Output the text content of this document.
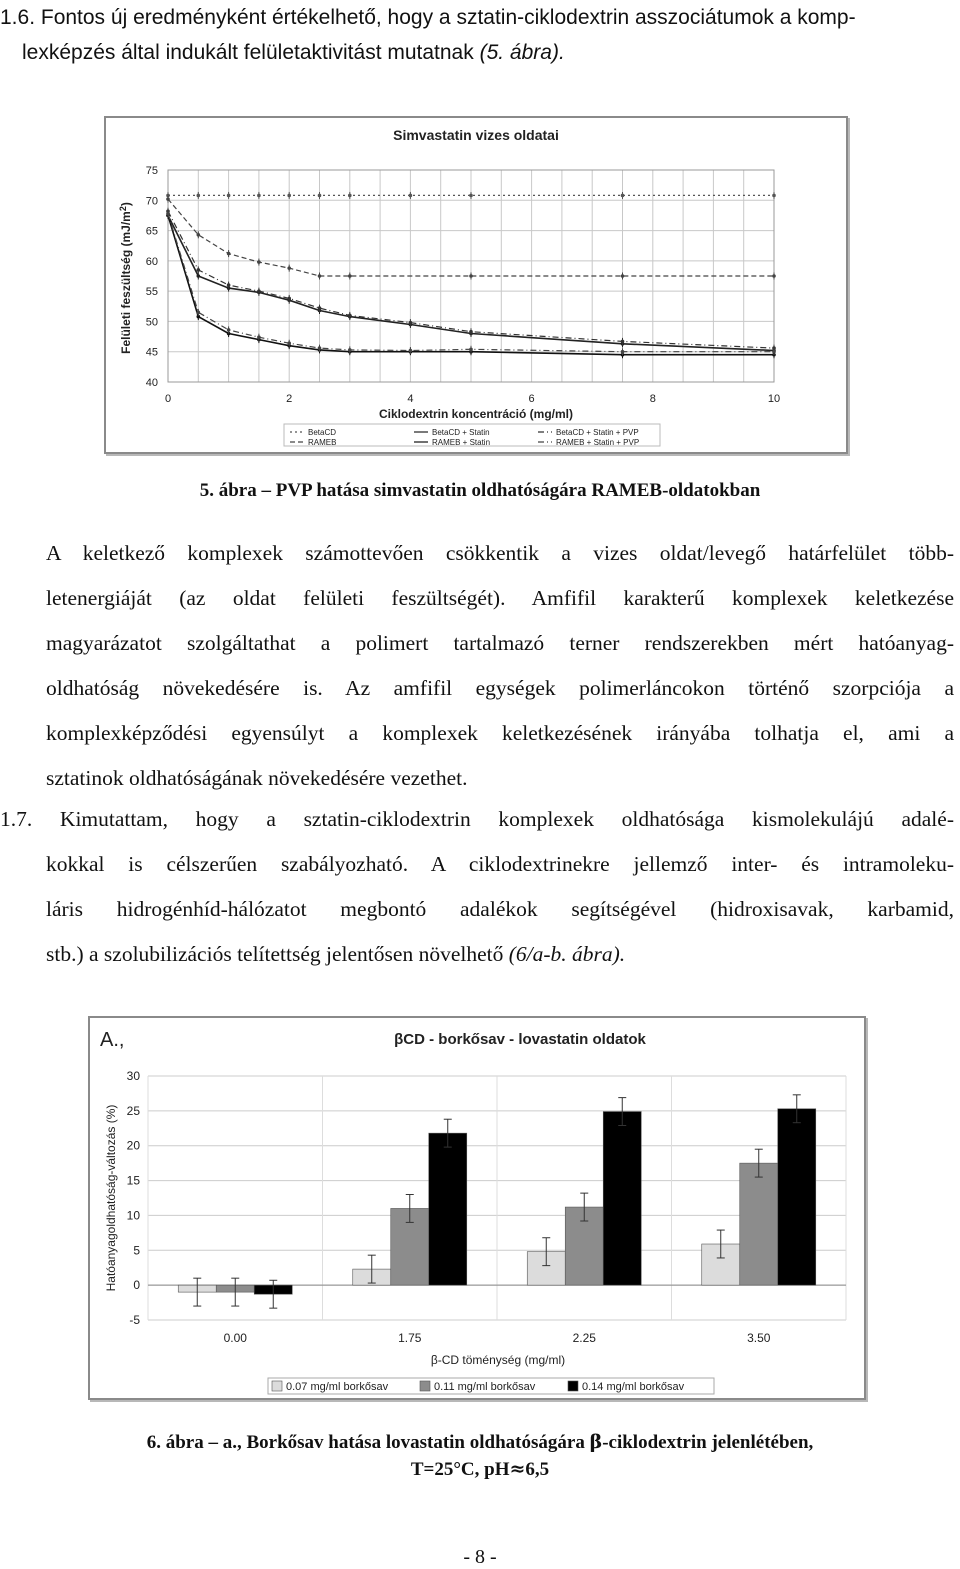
1.6. Fontos új eredményként értékelhető, hogy a sztatin-ciklodextrin asszociátumok a komp-
lexképzés által indukált felületaktivitást mutatnak (5. ábra).
Simvastatin vizes oldatai
40
45
50
55
60
65
70
75
0	2	4	6	8	10
Ciklodextrin koncentráció (mg/ml)
Felületi feszültség $(mJ/m^2)$
BetaCD	BetaCD + Statin	BetaCD + Statin + PVP
RAMEB	RAMEB + Statin	RAMEB + Statin + PVP
5. ábra – PVP hatása simvastatin oldhatóságára RAMEB-oldatokban
A keletkező komplexek számottevően csökkentik a vizes oldat/levegő határfelület több-
letenergiáját (az oldat felületi feszültségét). Amfifil karakterű komplexek keletkezése
magyarázatot szolgáltathat a polimert tartalmazó terner rendszerekben mért hatóanyag-
oldhatóság növekedésére is. Az amfifil egységek polimerláncokon történő szorpciója a
komplexképződési egyensúlyt a komplexek keletkezésének irányába tolhatja el, ami a
sztatinok oldhatóságának növekedésére vezethet.
1.7. Kimutattam, hogy a sztatin-ciklodextrin komplexek oldhatósága kismolekulájú adalé-
kokkal is célszerűen szabályozható. A ciklodextrinekre jellemző inter- és intramoleku-
láris hidrogénhíd-hálózatot megbontó adalékok segítségével (hidroxisavak, karbamid,
stb.) a szolubilizációs telítettség jelentősen növelhető (6/a-b. ábra).
A.,	βCD - borkősav - lovastatin oldatok
-5
0
5
10
15
20
25
30
0.00	1.75	2.25	3.50
β-CD töménység (mg/ml)
Hatóanyagoldhatóság-változás (%)
0.07 mg/ml borkősav	0.11 mg/ml borkősav	0.14 mg/ml borkősav
6. ábra – a., Borkősav hatása lovastatin oldhatóságára β-ciklodextrin jelenlétében,
T=25°C, pH≈6,5
- 8 -
